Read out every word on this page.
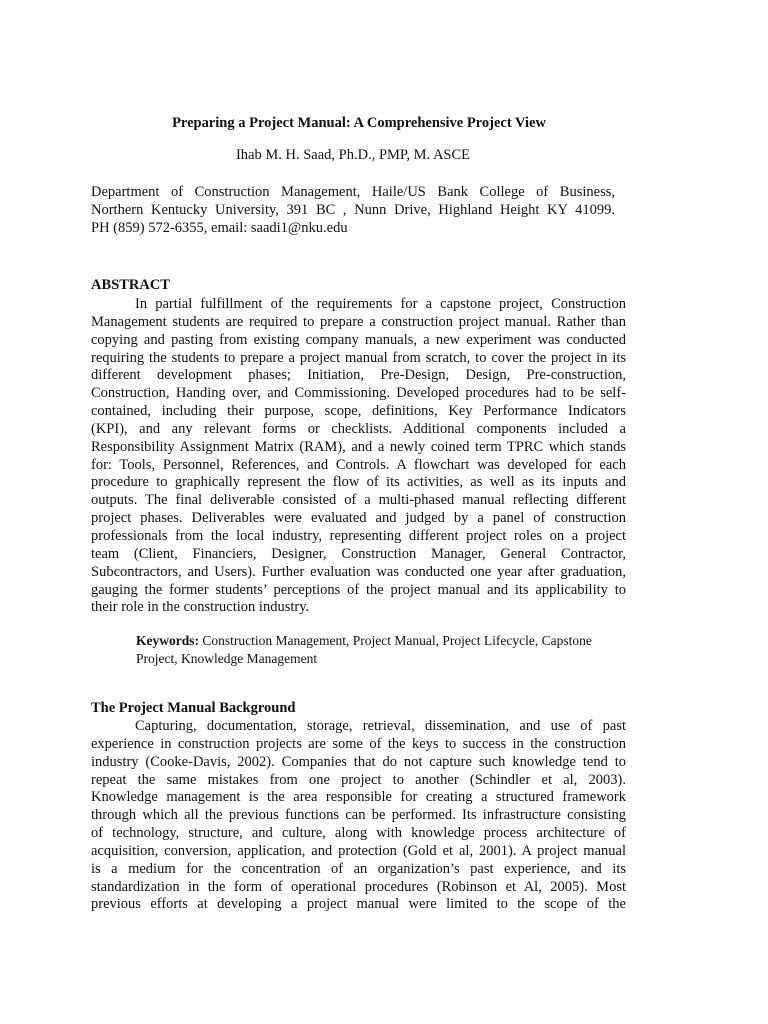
Preparing a Project Manual: A Comprehensive Project View
Ihab M. H. Saad, Ph.D., PMP, M. ASCE
Department of Construction Management, Haile/US Bank College of Business,
Northern Kentucky University, 391 BC , Nunn Drive, Highland Height KY 41099.
PH (859) 572-6355, email: saadi1@nku.edu
ABSTRACT
In partial fulfillment of the requirements for a capstone project, Construction
Management students are required to prepare a construction project manual. Rather than
copying and pasting from existing company manuals, a new experiment was conducted
requiring the students to prepare a project manual from scratch, to cover the project in its
different development phases; Initiation, Pre-Design, Design, Pre-construction,
Construction, Handing over, and Commissioning. Developed procedures had to be self-
contained, including their purpose, scope, definitions, Key Performance Indicators
(KPI), and any relevant forms or checklists. Additional components included a
Responsibility Assignment Matrix (RAM), and a newly coined term TPRC which stands
for: Tools, Personnel, References, and Controls. A flowchart was developed for each
procedure to graphically represent the flow of its activities, as well as its inputs and
outputs. The final deliverable consisted of a multi-phased manual reflecting different
project phases. Deliverables were evaluated and judged by a panel of construction
professionals from the local industry, representing different project roles on a project
team (Client, Financiers, Designer, Construction Manager, General Contractor,
Subcontractors, and Users). Further evaluation was conducted one year after graduation,
gauging the former students’ perceptions of the project manual and its applicability to
their role in the construction industry.
Keywords: Construction Management, Project Manual, Project Lifecycle, Capstone
Project, Knowledge Management
The Project Manual Background
Capturing, documentation, storage, retrieval, dissemination, and use of past
experience in construction projects are some of the keys to success in the construction
industry (Cooke-Davis, 2002). Companies that do not capture such knowledge tend to
repeat the same mistakes from one project to another (Schindler et al, 2003).
Knowledge management is the area responsible for creating a structured framework
through which all the previous functions can be performed. Its infrastructure consisting
of technology, structure, and culture, along with knowledge process architecture of
acquisition, conversion, application, and protection (Gold et al, 2001). A project manual
is a medium for the concentration of an organization’s past experience, and its
standardization in the form of operational procedures (Robinson et Al, 2005). Most
previous efforts at developing a project manual were limited to the scope of the
